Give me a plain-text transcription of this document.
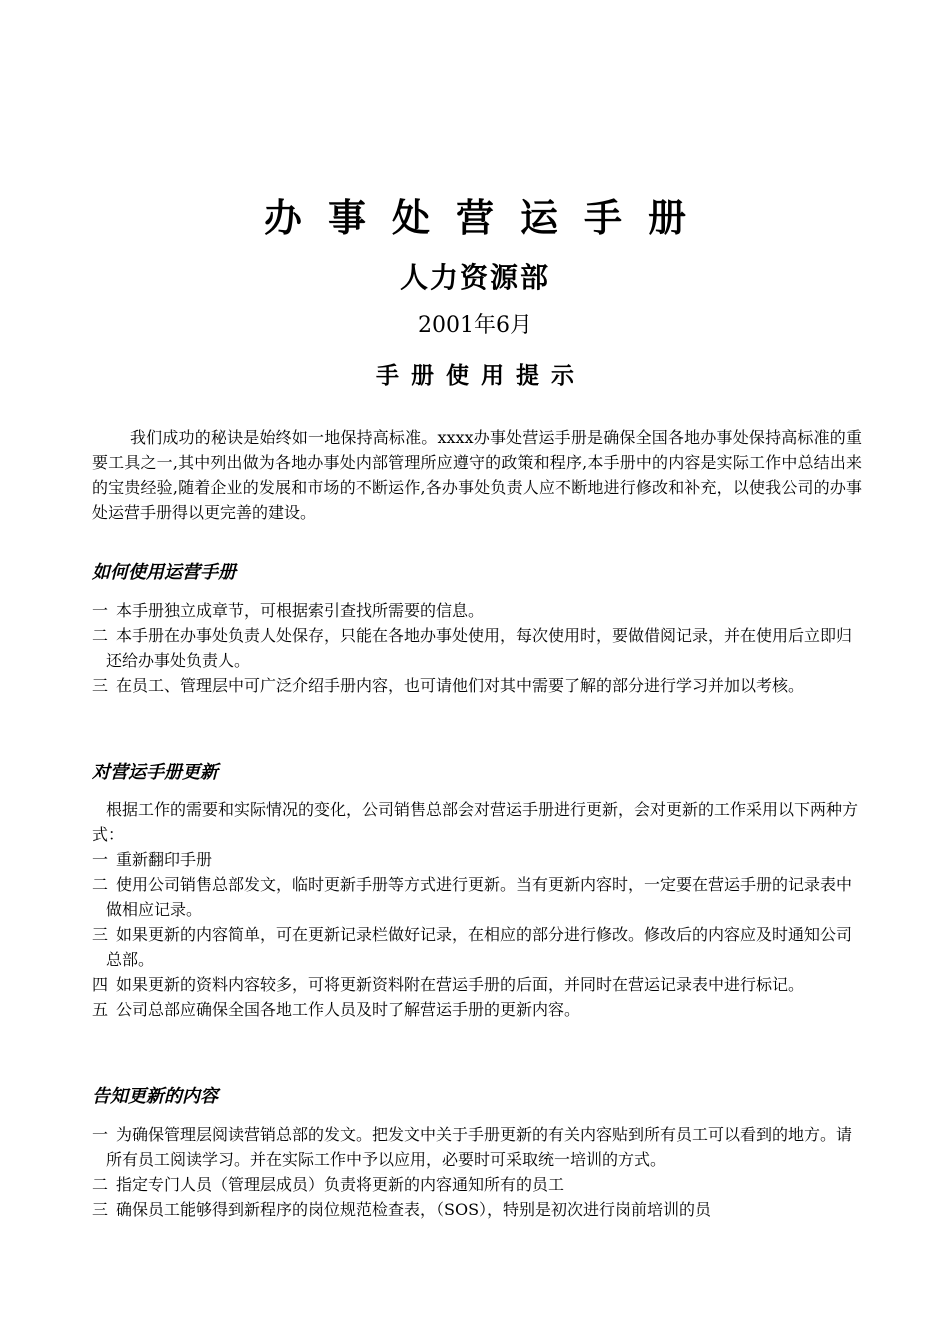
办事处营运手册
人力资源部
2001年6月
手册使用提示
我们成功的秘诀是始终如一地保持高标准。xxxx办事处营运手册是确保全国各地办事处保持高标准的重要工具之一,其中列出做为各地办事处内部管理所应遵守的政策和程序,本手册中的内容是实际工作中总结出来的宝贵经验,随着企业的发展和市场的不断运作,各办事处负责人应不断地进行修改和补充，以使我公司的办事处运营手册得以更完善的建设。
如何使用运营手册
一 本手册独立成章节，可根据索引查找所需要的信息。
二 本手册在办事处负责人处保存，只能在各地办事处使用，每次使用时，要做借阅记录，并在使用后立即归还给办事处负责人。
三 在员工、管理层中可广泛介绍手册内容，也可请他们对其中需要了解的部分进行学习并加以考核。
对营运手册更新
根据工作的需要和实际情况的变化，公司销售总部会对营运手册进行更新，会对更新的工作采用以下两种方式：
一 重新翻印手册
二 使用公司销售总部发文，临时更新手册等方式进行更新。当有更新内容时，一定要在营运手册的记录表中做相应记录。
三 如果更新的内容简单，可在更新记录栏做好记录，在相应的部分进行修改。修改后的内容应及时通知公司总部。
四 如果更新的资料内容较多，可将更新资料附在营运手册的后面，并同时在营运记录表中进行标记。
五 公司总部应确保全国各地工作人员及时了解营运手册的更新内容。
告知更新的内容
一 为确保管理层阅读营销总部的发文。把发文中关于手册更新的有关内容贴到所有员工可以看到的地方。请所有员工阅读学习。并在实际工作中予以应用，必要时可采取统一培训的方式。
二 指定专门人员（管理层成员）负责将更新的内容通知所有的员工
三 确保员工能够得到新程序的岗位规范检查表，（SOS），特别是初次进行岗前培训的员
